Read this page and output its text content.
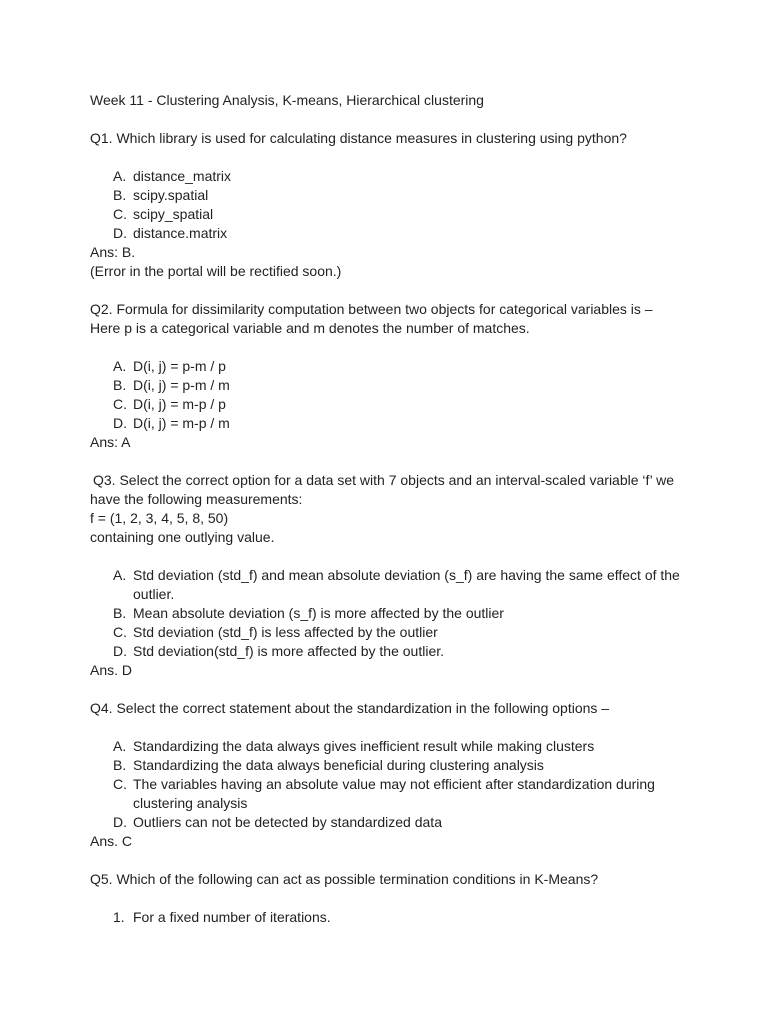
Week 11 - Clustering Analysis, K-means, Hierarchical clustering
Q1. Which library is used for calculating distance measures in clustering using python?
A. distance_matrix
B. scipy.spatial
C. scipy_spatial
D. distance.matrix
Ans: B.
(Error in the portal will be rectified soon.)
Q2. Formula for dissimilarity computation between two objects for categorical variables is –
Here p is a categorical variable and m denotes the number of matches.
A. D(i, j) = p-m / p
B. D(i, j) = p-m / m
C. D(i, j) = m-p / p
D. D(i, j) = m-p / m
Ans: A
Q3. Select the correct option for a data set with 7 objects and an interval-scaled variable ‘f’ we
have the following measurements:
f = (1, 2, 3, 4, 5, 8, 50)
containing one outlying value.
A. Std deviation (std_f) and mean absolute deviation (s_f) are having the same effect of the outlier.
B. Mean absolute deviation (s_f) is more affected by the outlier
C. Std deviation (std_f) is less affected by the outlier
D. Std deviation(std_f) is more affected by the outlier.
Ans. D
Q4. Select the correct statement about the standardization in the following options –
A. Standardizing the data always gives inefficient result while making clusters
B. Standardizing the data always beneficial during clustering analysis
C. The variables having an absolute value may not efficient after standardization during clustering analysis
D. Outliers can not be detected by standardized data
Ans. C
Q5. Which of the following can act as possible termination conditions in K-Means?
1. For a fixed number of iterations.
